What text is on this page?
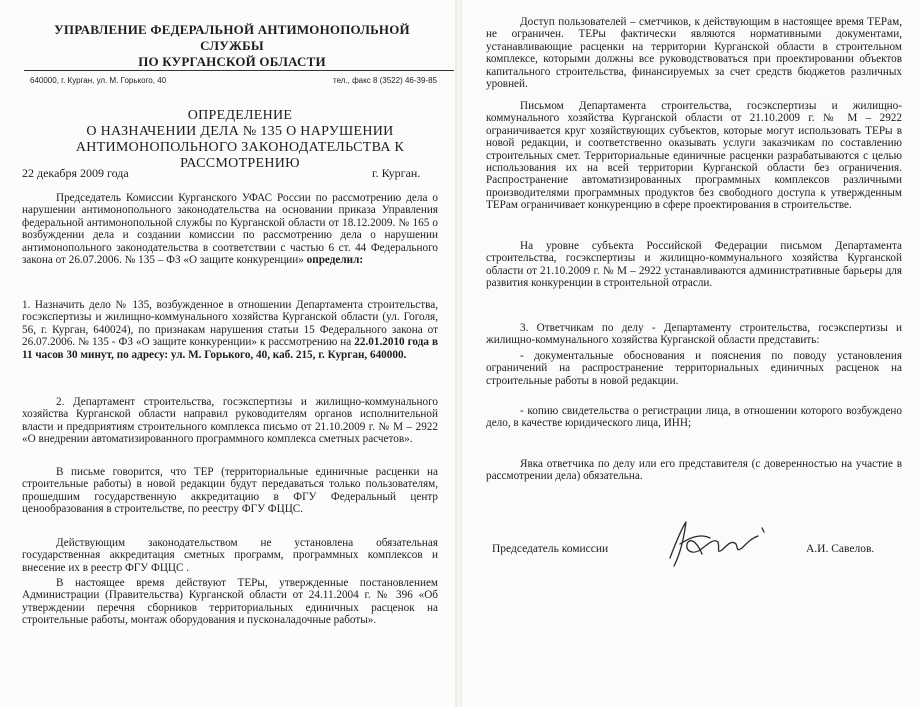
УПРАВЛЕНИЕ ФЕДЕРАЛЬНОЙ АНТИМОНОПОЛЬНОЙ СЛУЖБЫ
ПО КУРГАНСКОЙ ОБЛАСТИ
640000, г. Курган, ул. М. Горького, 40	тел., факс 8 (3522) 46-39-85
ОПРЕДЕЛЕНИЕ
О НАЗНАЧЕНИИ ДЕЛА № 135 О НАРУШЕНИИ
АНТИМОНОПОЛЬНОГО ЗАКОНОДАТЕЛЬСТВА К РАССМОТРЕНИЮ
22 декабря 2009 года	г. Курган.
Председатель Комиссии Курганского УФАС России по рассмотрению дела о нарушении антимонопольного законодательства на основании приказа Управления федеральной антимонопольной службы по Курганской области от 18.12.2009. № 165 о возбуждении дела и создании комиссии по рассмотрению дела о нарушении антимонопольного законодательства в соответствии с частью 6 ст. 44 Федерального закона от 26.07.2006. № 135 – ФЗ «О защите конкуренции» определил:
1. Назначить дело № 135, возбужденное в отношении Департамента строительства, госэкспертизы и жилищно-коммунального хозяйства Курганской области (ул. Гоголя, 56, г. Курган, 640024), по признакам нарушения статьи 15 Федерального закона от 26.07.2006. № 135 - ФЗ «О защите конкуренции» к рассмотрению на 22.01.2010 года в 11 часов 30 минут, по адресу: ул. М. Горького, 40, каб. 215, г. Курган, 640000.
2. Департамент строительства, госэкспертизы и жилищно-коммунального хозяйства Курганской области направил руководителям органов исполнительной власти и предприятиям строительного комплекса письмо от 21.10.2009 г. № М – 2922 «О внедрении автоматизированного программного комплекса сметных расчетов».
В письме говорится, что ТЕР (территориальные единичные расценки на строительные работы) в новой редакции будут передаваться только пользователям, прошедшим государственную аккредитацию в ФГУ Федеральный центр ценообразования в строительстве, по реестру ФГУ ФЦЦС.
Действующим законодательством не установлена обязательная государственная аккредитация сметных программ, программных комплексов и внесение их в реестр ФГУ ФЦЦС .
В настоящее время действуют ТЕРы, утвержденные постановлением Администрации (Правительства) Курганской области от 24.11.2004 г. № 396 «Об утверждении перечня сборников территориальных единичных расценок на строительные работы, монтаж оборудования и пусконаладочные работы».
Доступ пользователей – сметчиков, к действующим в настоящее время ТЕРам, не ограничен. ТЕРы фактически являются нормативными документами, устанавливающие расценки на территории Курганской области в строительном комплексе, которыми должны все руководствоваться при проектировании объектов капитального строительства, финансируемых за счет средств бюджетов различных уровней.
Письмом Департамента строительства, госэкспертизы и жилищно-коммунального хозяйства Курганской области от 21.10.2009 г. № М – 2922 ограничивается круг хозяйствующих субъектов, которые могут использовать ТЕРы в новой редакции, и соответственно оказывать услуги заказчикам по составлению строительных смет. Территориальные единичные расценки разрабатываются с целью использования их на всей территории Курганской области без ограничения. Распространение автоматизированных программных комплексов различными производителями программных продуктов без свободного доступа к утвержденным ТЕРам ограничивает конкуренцию в сфере проектирования в строительстве.
На уровне субъекта Российской Федерации письмом Департамента строительства, госэкспертизы и жилищно-коммунального хозяйства Курганской области от 21.10.2009 г. № М – 2922 устанавливаются административные барьеры для развития конкуренции в строительной отрасли.
3. Ответчикам по делу - Департаменту строительства, госэкспертизы и жилищно-коммунального хозяйства Курганской области представить:
- документальные обоснования и пояснения по поводу установления ограничений на распространение территориальных единичных расценок на строительные работы в новой редакции.
- копию свидетельства о регистрации лица, в отношении которого возбуждено дело, в качестве юридического лица, ИНН;
Явка ответчика по делу или его представителя (с доверенностью на участие в рассмотрении дела) обязательна.
Председатель комиссии	А.И. Савелов.
